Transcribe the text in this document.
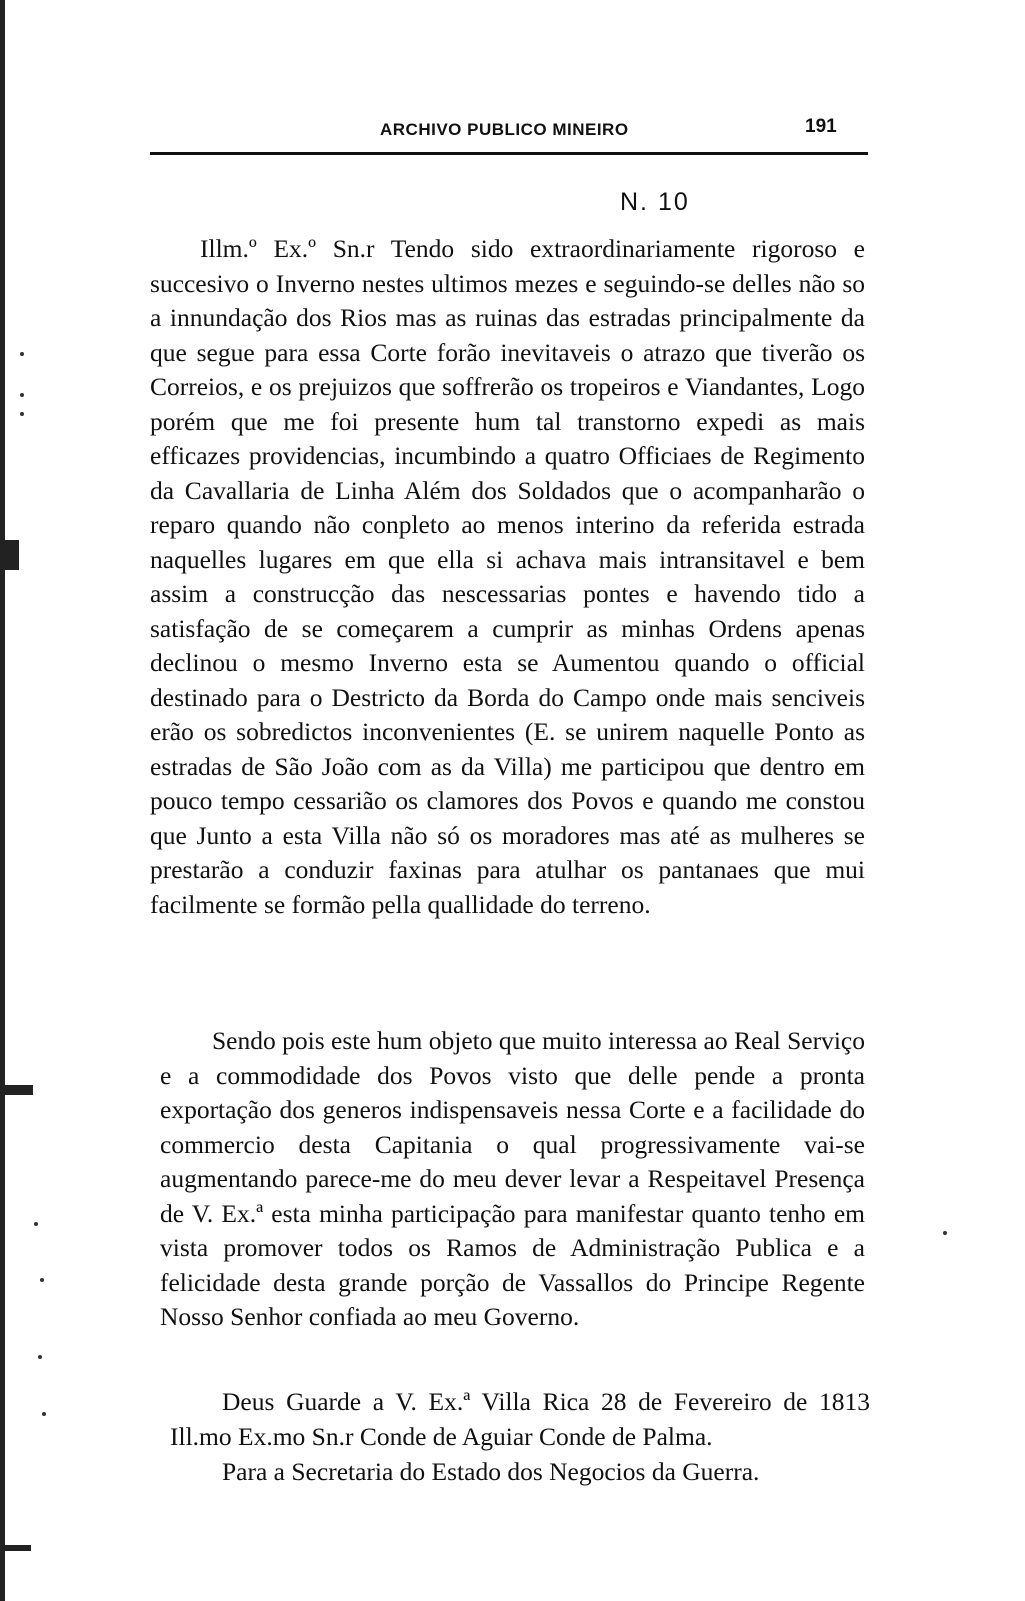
ARCHIVO PUBLICO MINEIRO	191
N. 10

Illm.º Ex.º Sn.r Tendo sido extraordinariamente rigoroso e succesivo o Inverno nestes ultimos mezes e seguindo-se delles não so a innundação dos Rios mas as ruinas das estradas principalmente da que segue para essa Corte forão inevitaveis o atrazo que tiverão os Correios, e os prejuizos que soffrerão os tropeiros e Viandantes, Logo porém que me foi presente hum tal transtorno expedi as mais efficazes providencias, incumbindo a quatro Officiaes de Regimento da Cavallaria de Linha Além dos Soldados que o acompanharão o reparo quando não conpleto ao menos interino da referida estrada naquelles lugares em que ella si achava mais intransitavel e bem assim a construcção das nescessarias pontes e havendo tido a satisfação de se começarem a cumprir as minhas Ordens apenas declinou o mesmo Inverno esta se Aumentou quando o official destinado para o Destricto da Borda do Campo onde mais senciveis erão os sobredictos inconvenientes (E. se unirem naquelle Ponto as estradas de São João com as da Villa) me participou que dentro em pouco tempo cessarião os clamores dos Povos e quando me constou que Junto a esta Villa não só os moradores mas até as mulheres se prestarão a conduzir faxinas para atulhar os pantanaes que mui facilmente se formão pella quallidade do terreno.

Sendo pois este hum objeto que muito interessa ao Real Serviço e a commodidade dos Povos visto que delle pende a pronta exportação dos generos indispensaveis nessa Corte e a facilidade do commercio desta Capitania o qual progressivamente vai-se augmentando parece-me do meu dever levar a Respeitavel Presença de V. Ex.ª esta minha participação para manifestar quanto tenho em vista promover todos os Ramos de Administração Publica e a felicidade desta grande porção de Vassallos do Principe Regente Nosso Senhor confiada ao meu Governo.

Deus Guarde a V. Ex.ª Villa Rica 28 de Fevereiro de 1813 Ill.mo Ex.mo Sn.r Conde de Aguiar Conde de Palma.

Para a Secretaria do Estado dos Negocios da Guerra.
